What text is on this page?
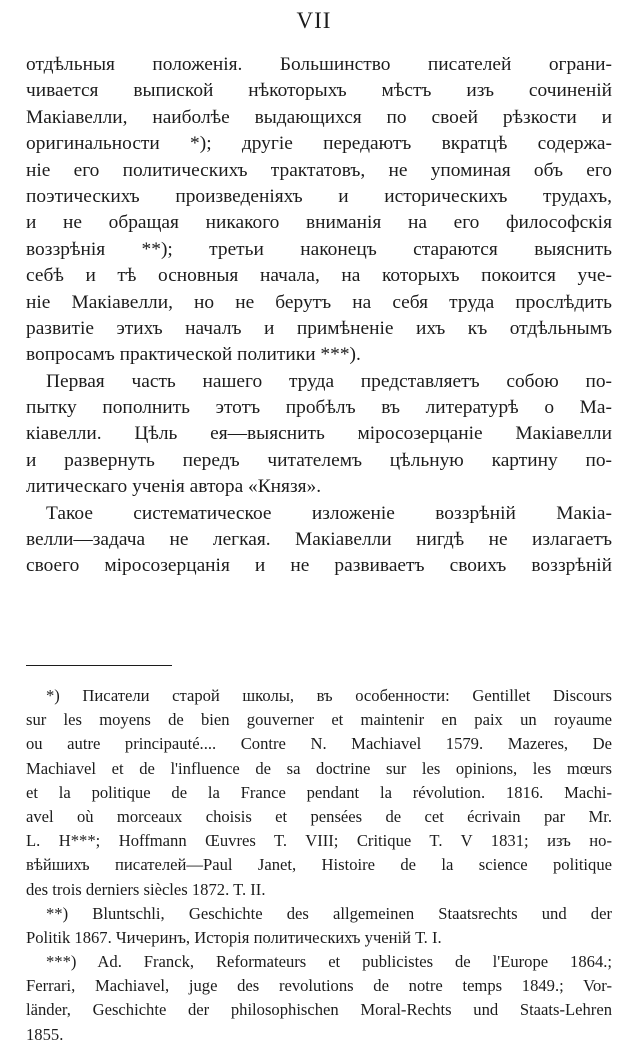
VII
отдѣльныя положенія. Большинство писателей ограни-
чивается выпиской нѣкоторыхъ мѣстъ изъ сочиненій
Макіавелли, наиболѣе выдающихся по своей рѣзкости и
оригинальности *); другіе передаютъ вкратцѣ содержа-
ніе его политическихъ трактатовъ, не упоминая объ его
поэтическихъ произведеніяхъ и историческихъ трудахъ,
и не обращая никакого вниманія на его философскія
воззрѣнія **); третьи наконецъ стараются выяснить
себѣ и тѣ основныя начала, на которыхъ покоится уче-
ніе Макіавелли, но не берутъ на себя труда прослѣдить
развитіе этихъ началъ и примѣненіе ихъ къ отдѣльнымъ
вопросамъ практической политики ***).
Первая часть нашего труда представляетъ собою по-
пытку пополнить этотъ пробѣлъ въ литературѣ о Ма-
кіавелли. Цѣль ея—выяснить міросозерцаніе Макіавелли
и развернуть передъ читателемъ цѣльную картину по-
литическаго ученія автора «Князя».
Такое систематическое изложеніе воззрѣній Макіа-
велли—задача не легкая. Макіавелли нигдѣ не излагаетъ
своего міросозерцанія и не развиваетъ своихъ воззрѣній
*) Писатели старой школы, въ особенности: Gentillet Discours
sur les moyens de bien gouverner et maintenir en paix un royaume
ou autre principauté.... Contre N. Machiavel 1579. Mazeres, De
Machiavel et de l'influence de sa doctrine sur les opinions, les mœurs
et la politique de la France pendant la révolution. 1816. Machi-
avel où morceaux choisis et pensées de cet écrivain par Mr.
L. H***; Hoffmann Œuvres T. VIII; Critique T. V 1831; изъ но-
вѣйшихъ писателей—Paul Janet, Histoire de la science politique
des trois derniers siècles 1872. T. II.
**) Bluntschli, Geschichte des allgemeinen Staatsrechts und der
Politik 1867. Чичеринъ, Исторія политическихъ ученій Т. I.
***) Ad. Franck, Reformateurs et publicistes de l'Europe 1864.;
Ferrari, Machiavel, juge des revolutions de notre temps 1849.; Vor-
länder, Geschichte der philosophischen Moral-Rechts und Staats-Lehren
1855.
